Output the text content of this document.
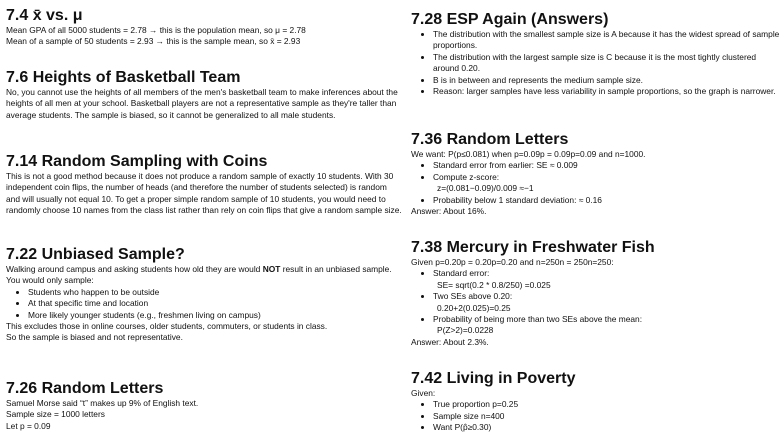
7.4 x̄ vs. μ

Mean GPA of all 5000 students = 2.78 → this is the population mean, so μ = 2.78

Mean of a sample of 50 students = 2.93 → this is the sample mean, so x̄ = 2.93

7.6 Heights of Basketball Team

No, you cannot use the heights of all members of the men's basketball team to make inferences about the heights of all men at your school. Basketball players are not a representative sample as they're taller than average students. The sample is biased, so it cannot be generalized to all male students.

7.14 Random Sampling with Coins

This is not a good method because it does not produce a random sample of exactly 10 students. With 30 independent coin flips, the number of heads (and therefore the number of students selected) is random and will usually not equal 10. To get a proper simple random sample of 10 students, you would need to randomly choose 10 names from the class list rather than rely on coin flips that give a random sample size.

7.22 Unbiased Sample?

Walking around campus and asking students how old they are would NOT result in an unbiased sample.

You would only sample:

• Students who happen to be outside
• At that specific time and location
• More likely younger students (e.g., freshmen living on campus)

This excludes those in online courses, older students, commuters, or students in class.

So the sample is biased and not representative.

7.26 Random Letters

Samuel Morse said “t” makes up 9% of English text.

Sample size = 1000 letters

Let p = 0.09

7.28 ESP Again (Answers)
• The distribution with the smallest sample size is A because it has the widest spread of sample proportions.
• The distribution with the largest sample size is C because it is the most tightly clustered around 0.20.
• B is in between and represents the medium sample size.
• Reason: larger samples have less variability in sample proportions, so the graph is narrower.
7.36 Random Letters

We want: P(p≤0.081) when p=0.09p = 0.09p=0.09 and n=1000.

• Standard error from earlier: SE ≈ 0.009
• Compute z-score:
z=(0.081−0.09)/0.009 ≈−1
• Probability below 1 standard deviation: ≈ 0.16

Answer: About 16%.

7.38 Mercury in Freshwater Fish

Given p=0.20p = 0.20p=0.20 and n=250n = 250n=250:

• Standard error:
SE= sqrt(0.2 * 0.8/250) =0.025
• Two SEs above 0.20:
0.20+2(0.025)=0.25
• Probability of being more than two SEs above the mean:
P(Z>2)=0.0228

Answer: About 2.3%.

7.42 Living in Poverty

Given:

• True proportion p=0.25
• Sample size n=400
• Want P(p̂≥0.30)
